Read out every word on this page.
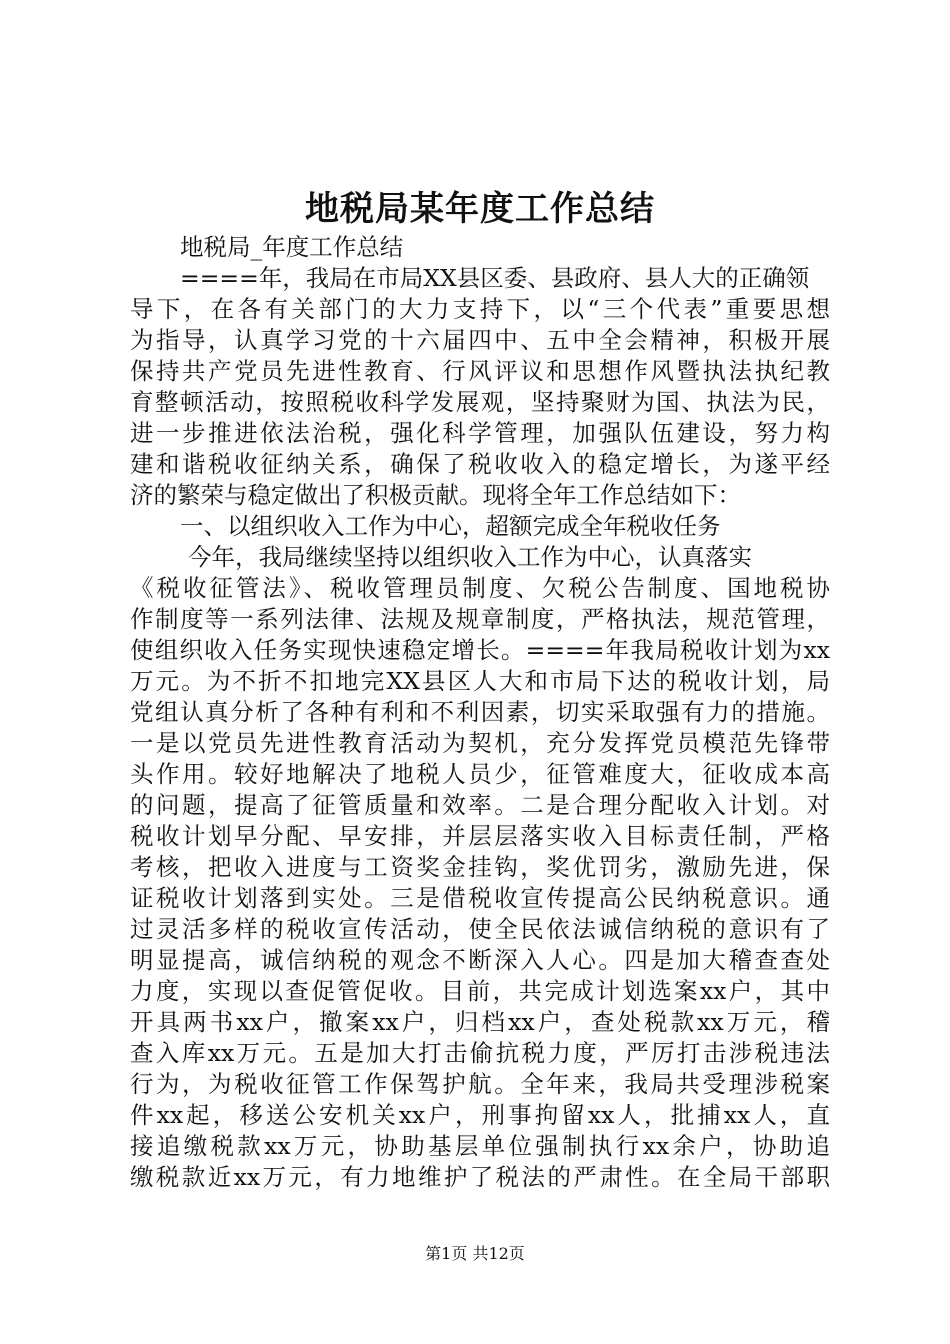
地税局某年度工作总结
地税局_年度工作总结
====年，我局在市局XX县区委、县政府、县人大的正确领
导下，在各有关部门的大力支持下，以“三个代表”重要思想
为指导，认真学习党的十六届四中、五中全会精神，积极开展
保持共产党员先进性教育、行风评议和思想作风暨执法执纪教
育整顿活动，按照税收科学发展观，坚持聚财为国、执法为民，
进一步推进依法治税，强化科学管理，加强队伍建设，努力构
建和谐税收征纳关系，确保了税收收入的稳定增长，为遂平经
济的繁荣与稳定做出了积极贡献。现将全年工作总结如下：
一、以组织收入工作为中心，超额完成全年税收任务
今年，我局继续坚持以组织收入工作为中心，认真落实
《税收征管法》、税收管理员制度、欠税公告制度、国地税协
作制度等一系列法律、法规及规章制度，严格执法，规范管理，
使组织收入任务实现快速稳定增长。====年我局税收计划为xx
万元。为不折不扣地完XX县区人大和市局下达的税收计划，局
党组认真分析了各种有利和不利因素，切实采取强有力的措施。
一是以党员先进性教育活动为契机，充分发挥党员模范先锋带
头作用。较好地解决了地税人员少，征管难度大，征收成本高
的问题，提高了征管质量和效率。二是合理分配收入计划。对
税收计划早分配、早安排，并层层落实收入目标责任制，严格
考核，把收入进度与工资奖金挂钩，奖优罚劣，激励先进，保
证税收计划落到实处。三是借税收宣传提高公民纳税意识。通
过灵活多样的税收宣传活动，使全民依法诚信纳税的意识有了
明显提高，诚信纳税的观念不断深入人心。四是加大稽查查处
力度，实现以查促管促收。目前，共完成计划选案xx户，其中
开具两书xx户，撤案xx户，归档xx户，查处税款xx万元，稽
查入库xx万元。五是加大打击偷抗税力度，严厉打击涉税违法
行为，为税收征管工作保驾护航。全年来，我局共受理涉税案
件xx起，移送公安机关xx户，刑事拘留xx人，批捕xx人，直
接追缴税款xx万元，协助基层单位强制执行xx余户，协助追
缴税款近xx万元，有力地维护了税法的严肃性。在全局干部职
第1页 共12页
